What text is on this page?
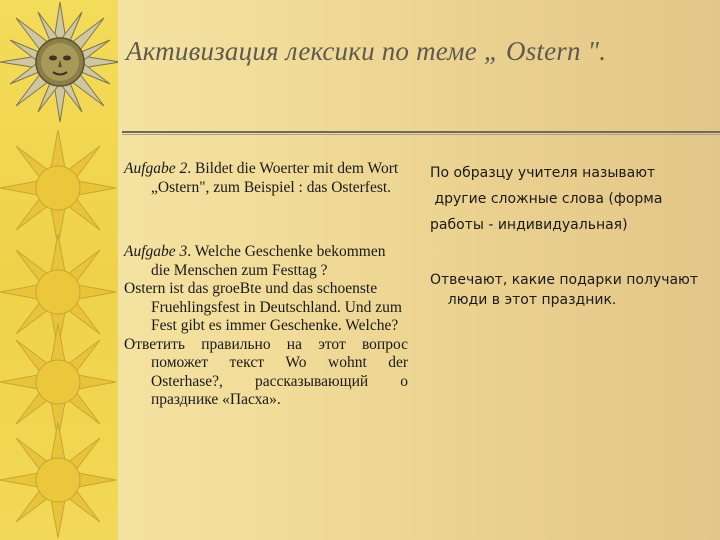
Активизация лексики по теме „ Ostern ".

Aufgabe 2. Bildet die Woerter mit dem Wort „Ostern", zum Beispiel : das Osterfest.

Aufgabe 3. Welche Geschenke bekommen die Menschen zum Festtag ?

Ostern ist das groeBte und das schoenste Fruehlingsfest in Deutschland. Und zum Fest gibt es immer Geschenke. Welche?

Ответить правильно на этот вопрос поможет текст Wo wohnt der Osterhase?, рассказывающий о празднике «Пасха».

По образцу учителя называют
другие сложные слова (форма
работы - индивидуальная)
Отвечают, какие подарки получают
люди в этот праздник.
